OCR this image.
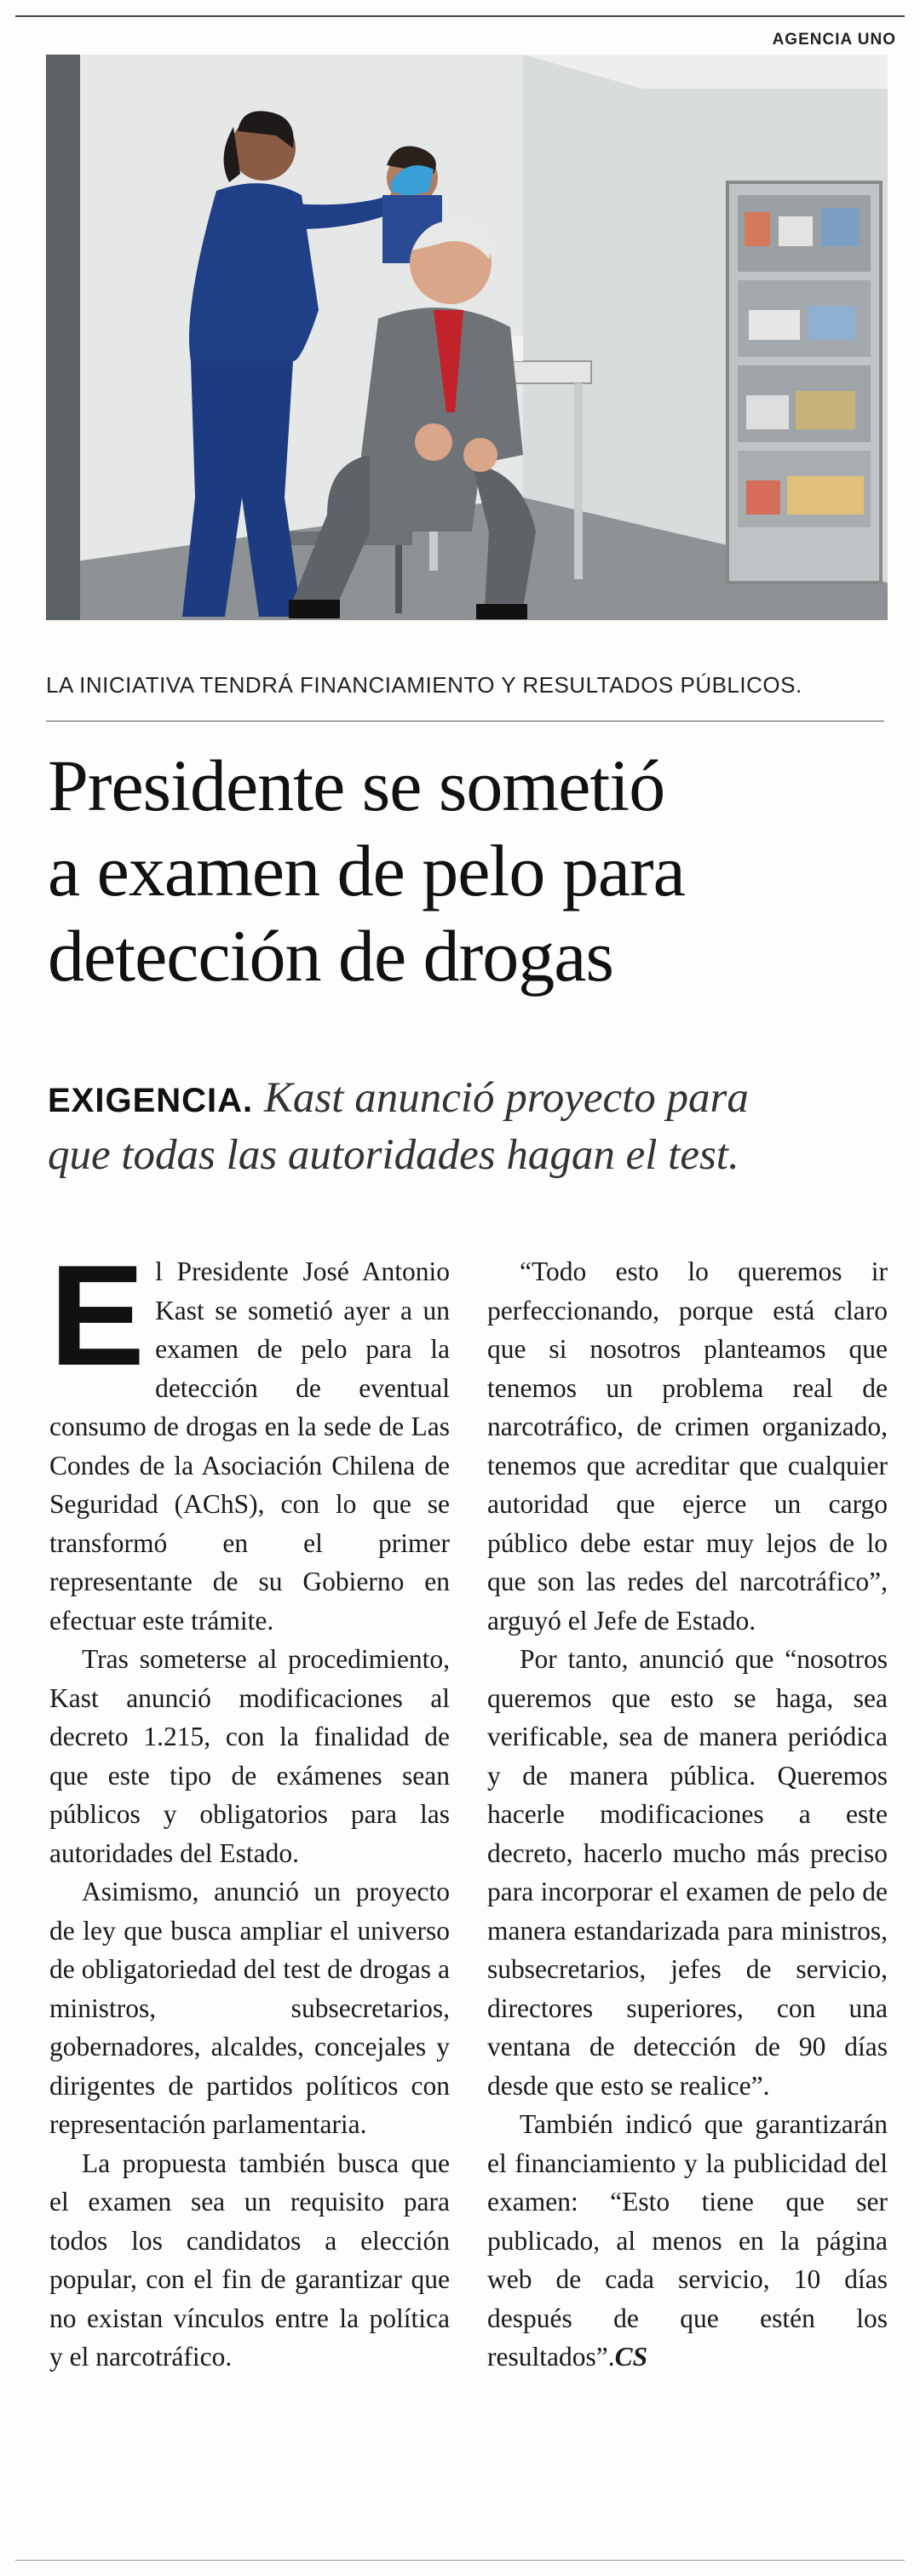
AGENCIA UNO
LA INICIATIVA TENDRÁ FINANCIAMIENTO Y RESULTADOS PÚBLICOS.
Presidente se sometió
a examen de pelo para
detección de drogas
EXIGENCIA. Kast anunció proyecto para
que todas las autoridades hagan el test.

El Presidente José Antonio Kast se sometió ayer a un examen de pelo para la detección de eventual consumo de drogas en la sede de Las Condes de la Asociación Chilena de Seguridad (AChS), con lo que se transformó en el primer representante de su Gobierno en efectuar este trámite.

Tras someterse al procedimiento, Kast anunció modificaciones al decreto 1.215, con la finalidad de que este tipo de exámenes sean públicos y obligatorios para las autoridades del Estado.

Asimismo, anunció un proyecto de ley que busca ampliar el universo de obligatoriedad del test de drogas a ministros, subsecretarios, gobernadores, alcaldes, concejales y dirigentes de partidos políticos con representación parlamentaria.

La propuesta también busca que el examen sea un requisito para todos los candidatos a elección popular, con el fin de garantizar que no existan vínculos entre la política y el narcotráfico.

“Todo esto lo queremos ir perfeccionando, porque está claro que si nosotros planteamos que tenemos un problema real de narcotráfico, de crimen organizado, tenemos que acreditar que cualquier autoridad que ejerce un cargo público debe estar muy lejos de lo que son las redes del narcotráfico”, arguyó el Jefe de Estado.

Por tanto, anunció que “nosotros queremos que esto se haga, sea verificable, sea de manera periódica y de manera pública. Queremos hacerle modificaciones a este decreto, hacerlo mucho más preciso para incorporar el examen de pelo de manera estandarizada para ministros, subsecretarios, jefes de servicio, directores superiores, con una ventana de detección de 90 días desde que esto se realice”.

También indicó que garantizarán el financiamiento y la publicidad del examen: “Esto tiene que ser publicado, al menos en la página web de cada servicio, 10 días después de que estén los resultados”.CS
